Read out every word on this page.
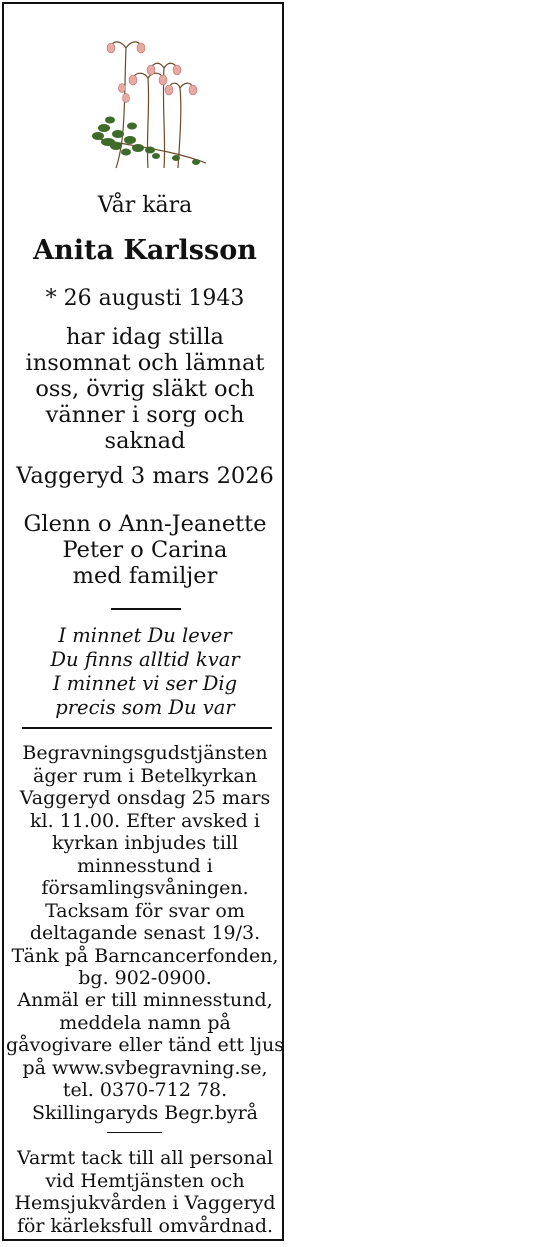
Vår kära
Anita Karlsson
* 26 augusti 1943
har idag stilla
insomnat och lämnat
oss, övrig släkt och
vänner i sorg och
saknad
Vaggeryd 3 mars 2026
Glenn o Ann-Jeanette
Peter o Carina
med familjer
I minnet Du lever
Du finns alltid kvar
I minnet vi ser Dig
precis som Du var
Begravningsgudstjänsten
äger rum i Betelkyrkan
Vaggeryd onsdag 25 mars
kl. 11.00. Efter avsked i
kyrkan inbjudes till
minnesstund i
församlingsvåningen.
Tacksam för svar om
deltagande senast 19/3.
Tänk på Barncancerfonden,
bg. 902-0900.
Anmäl er till minnesstund,
meddela namn på
gåvogivare eller tänd ett ljus
på www.svbegravning.se,
tel. 0370-712 78.
Skillingaryds Begr.byrå
Varmt tack till all personal
vid Hemtjänsten och
Hemsjukvården i Vaggeryd
för kärleksfull omvårdnad.
